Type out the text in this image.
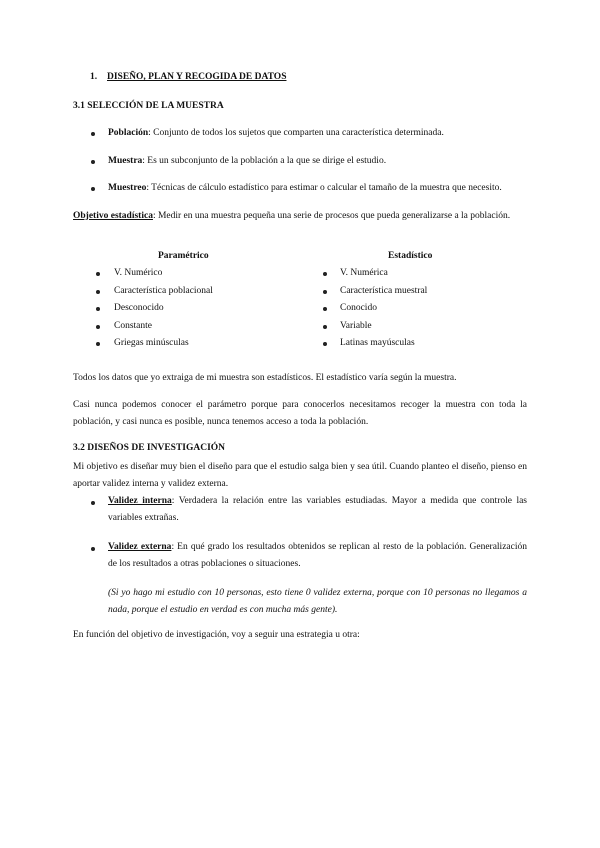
1. DISEÑO, PLAN Y RECOGIDA DE DATOS
3.1 SELECCIÓN DE LA MUESTRA
Población: Conjunto de todos los sujetos que comparten una característica determinada.
Muestra: Es un subconjunto de la población a la que se dirige el estudio.
Muestreo: Técnicas de cálculo estadístico para estimar o calcular el tamaño de la muestra que necesito.
Objetivo estadística: Medir en una muestra pequeña una serie de procesos que pueda generalizarse a la población.
Paramétrico	Estadístico
V. Numérico
Característica poblacional
Desconocido
Constante
Griegas minúsculas
V. Numérica
Característica muestral
Conocido
Variable
Latinas mayúsculas
Todos los datos que yo extraiga de mi muestra son estadísticos. El estadístico varía según la muestra.
Casi nunca podemos conocer el parámetro porque para conocerlos necesitamos recoger la muestra con toda la población, y casi nunca es posible, nunca tenemos acceso a toda la población.
3.2 DISEÑOS DE INVESTIGACIÓN
Mi objetivo es diseñar muy bien el diseño para que el estudio salga bien y sea útil. Cuando planteo el diseño, pienso en aportar validez interna y validez externa.
Validez interna: Verdadera la relación entre las variables estudiadas. Mayor a medida que controle las variables extrañas.
Validez externa: En qué grado los resultados obtenidos se replican al resto de la población. Generalización de los resultados a otras poblaciones o situaciones.
(Si yo hago mi estudio con 10 personas, esto tiene 0 validez externa, porque con 10 personas no llegamos a nada, porque el estudio en verdad es con mucha más gente).
En función del objetivo de investigación, voy a seguir una estrategia u otra:
